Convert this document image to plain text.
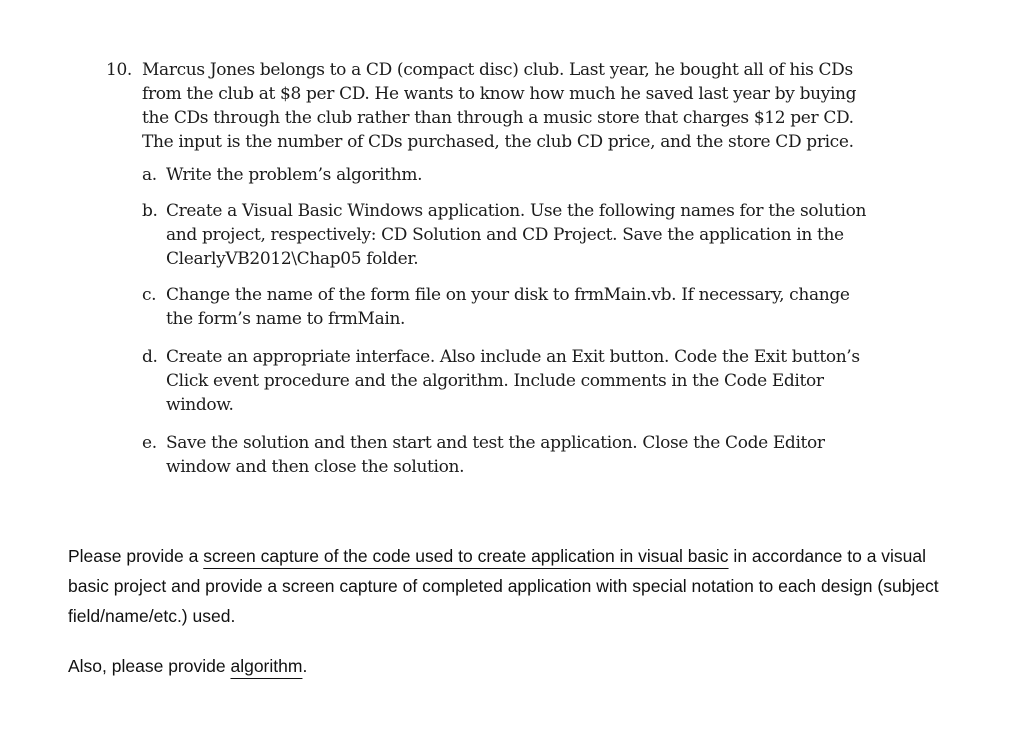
10. Marcus Jones belongs to a CD (compact disc) club. Last year, he bought all of his CDs from the club at $8 per CD. He wants to know how much he saved last year by buying the CDs through the club rather than through a music store that charges $12 per CD. The input is the number of CDs purchased, the club CD price, and the store CD price.
a. Write the problem’s algorithm.
b. Create a Visual Basic Windows application. Use the following names for the solution and project, respectively: CD Solution and CD Project. Save the application in the ClearlyVB2012\Chap05 folder.
c. Change the name of the form file on your disk to frmMain.vb. If necessary, change the form’s name to frmMain.
d. Create an appropriate interface. Also include an Exit button. Code the Exit button’s Click event procedure and the algorithm. Include comments in the Code Editor window.
e. Save the solution and then start and test the application. Close the Code Editor window and then close the solution.

Please provide a screen capture of the code used to create application in visual basic in accordance to a visual basic project and provide a screen capture of completed application with special notation to each design (subject field/name/etc.) used.

Also, please provide algorithm.
